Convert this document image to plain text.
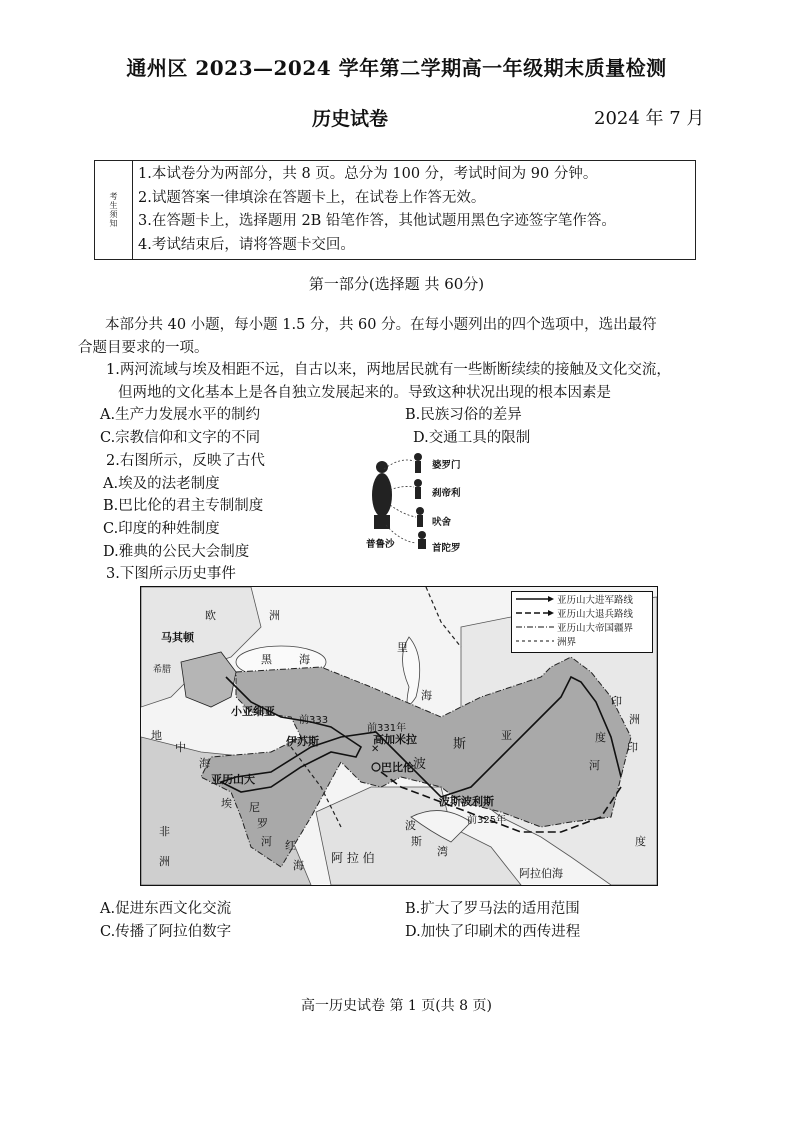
通州区 2023—2024 学年第二学期高一年级期末质量检测
历史试卷	2024 年 7 月
考生须知
1.本试卷分为两部分，共 8 页。总分为 100 分，考试时间为 90 分钟。
2.试题答案一律填涂在答题卡上，在试卷上作答无效。
3.在答题卡上，选择题用 2B 铅笔作答，其他试题用黑色字迹签字笔作答。
4.考试结束后，请将答题卡交回。
第一部分(选择题 共 60分)
本部分共 40 小题，每小题 1.5 分，共 60 分。在每小题列出的四个选项中，选出最符
合题目要求的一项。
1.两河流域与埃及相距不远，自古以来，两地居民就有一些断断续续的接触及文化交流，
但两地的文化基本上是各自独立发展起来的。导致这种状况出现的根本因素是
A.生产力发展水平的制约	B.民族习俗的差异
C.宗教信仰和文字的不同	D.交通工具的限制
2.右图所示，反映了古代
A.埃及的法老制度
B.巴比伦的君主专制制度
C.印度的种姓制度
D.雅典的公民大会制度
婆罗门
刹帝利
吠舍
首陀罗
普鲁沙
3.下图所示历史事件
✕
亚历山大进军路线
亚历山大退兵路线
亚历山大帝国疆界
洲界
欧	洲
马其顿
希腊
黑 海
里
海
小亚细亚
前333
伊苏斯
前331年
高加米拉
地
中
海
亚历山大
埃 尼
罗
河 红
海
非
洲
巴比伦 波
斯
波斯波利斯
前325年
亚
阿 拉 伯
波
斯
湾
阿拉伯海
印
度
河
印
度
洲
A.促进东西文化交流	B.扩大了罗马法的适用范围
C.传播了阿拉伯数字	D.加快了印刷术的西传进程
高一历史试卷 第 1 页(共 8 页)
